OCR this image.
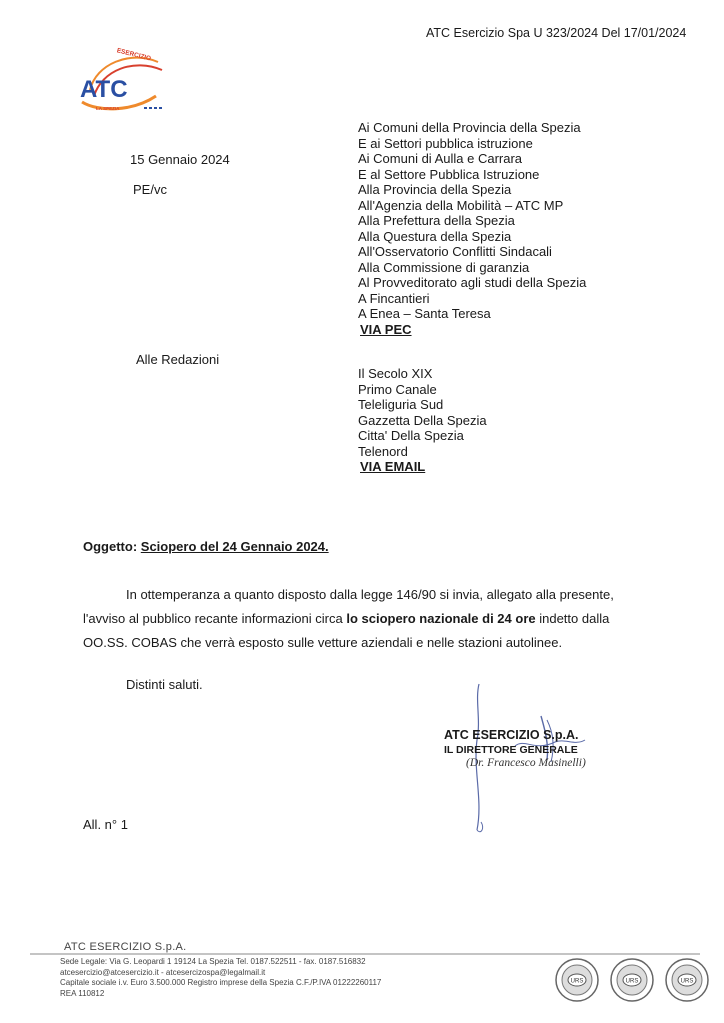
ATC Esercizio Spa U 323/2024 Del 17/01/2024
ESERCIZIO
ATC
LA SPEZIA
15 Gennaio 2024
PE/vc
Ai Comuni della Provincia della Spezia
E ai Settori pubblica istruzione
Ai Comuni di Aulla e Carrara
E al Settore Pubblica Istruzione
Alla Provincia della Spezia
All'Agenzia della Mobilità – ATC MP
Alla Prefettura della Spezia
Alla Questura della Spezia
All'Osservatorio Conflitti Sindacali
Alla Commissione di garanzia
Al Provveditorato agli studi della Spezia
A Fincantieri
A Enea – Santa Teresa
VIA PEC
Alle Redazioni
Il Secolo XIX
Primo Canale
Teleliguria Sud
Gazzetta Della Spezia
Citta' Della Spezia
Telenord
VIA EMAIL
Oggetto: Sciopero del 24 Gennaio 2024.
In ottemperanza a quanto disposto dalla legge 146/90 si invia, allegato alla presente,
l'avviso al pubblico recante informazioni circa lo sciopero nazionale di 24 ore indetto dalla
OO.SS. COBAS che verrà esposto sulle vetture aziendali e nelle stazioni autolinee.
Distinti saluti.
ATC ESERCIZIO S.p.A.
IL DIRETTORE GENERALE
(Dr. Francesco Masinelli)
All. n° 1
ATC ESERCIZIO S.p.A.
Sede Legale: Via G. Leopardi 1 19124 La Spezia Tel. 0187.522511 - fax. 0187.516832
atcesercizio@atcesercizio.it - atcesercizospa@legalmail.it
Capitale sociale i.v. Euro 3.500.000 Registro imprese della Spezia C.F./P.IVA 01222260117
REA 110812
URS	URS	URS
